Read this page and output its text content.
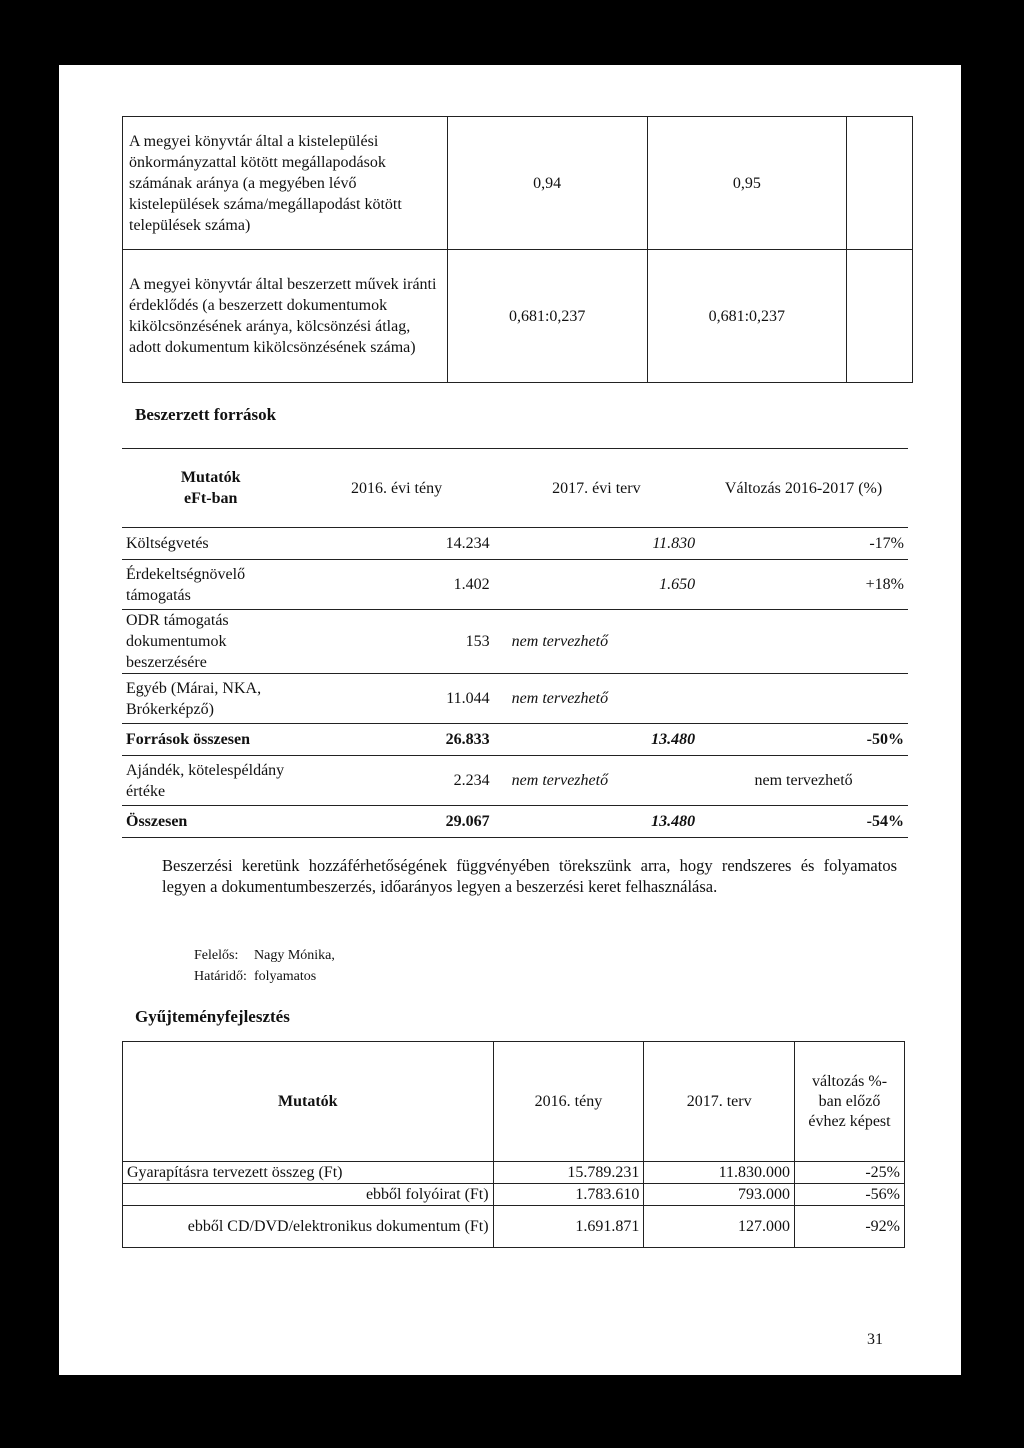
A megyei könyvtár által a kistelepülési önkormányzattal kötött megállapodások számának aránya (a megyében lévő kistelepülések száma/megállapodást kötött települések száma)	0,94	0,95	
A megyei könyvtár által beszerzett művek iránti érdeklődés (a beszerzett dokumentumok kikölcsönzésének aránya, kölcsönzési átlag, adott dokumentum kikölcsönzésének száma)	0,681:0,237	0,681:0,237	
Beszerzett források
Mutatók
eFt-ban	2016. évi tény	2017. évi terv	Változás 2016-2017 (%)
Költségvetés	14.234	11.830	-17%
Érdekeltségnövelő támogatás	1.402	1.650	+18%
ODR támogatás dokumentumok beszerzésére	153	nem tervezhető	
Egyéb (Márai, NKA, Brókerképző)	11.044	nem tervezhető	
Források összesen	26.833	13.480	-50%
Ajándék, kötelespéldány értéke	2.234	nem tervezhető	nem tervezhető
Összesen	29.067	13.480	-54%
Beszerzési keretünk hozzáférhetőségének függvényében törekszünk arra, hogy rendszeres és folyamatos legyen a dokumentumbeszerzés, időarányos legyen a beszerzési keret felhasználása.
Felelős: Nagy Mónika,
Határidő: folyamatos
Gyűjteményfejlesztés
Mutatók	2016. tény	2017. terv	változás %-ban előző évhez képest
Gyarapításra tervezett összeg (Ft)	15.789.231	11.830.000	-25%
ebből folyóirat (Ft)	1.783.610	793.000	-56%
ebből CD/DVD/elektronikus dokumentum (Ft)	1.691.871	127.000	-92%
31
